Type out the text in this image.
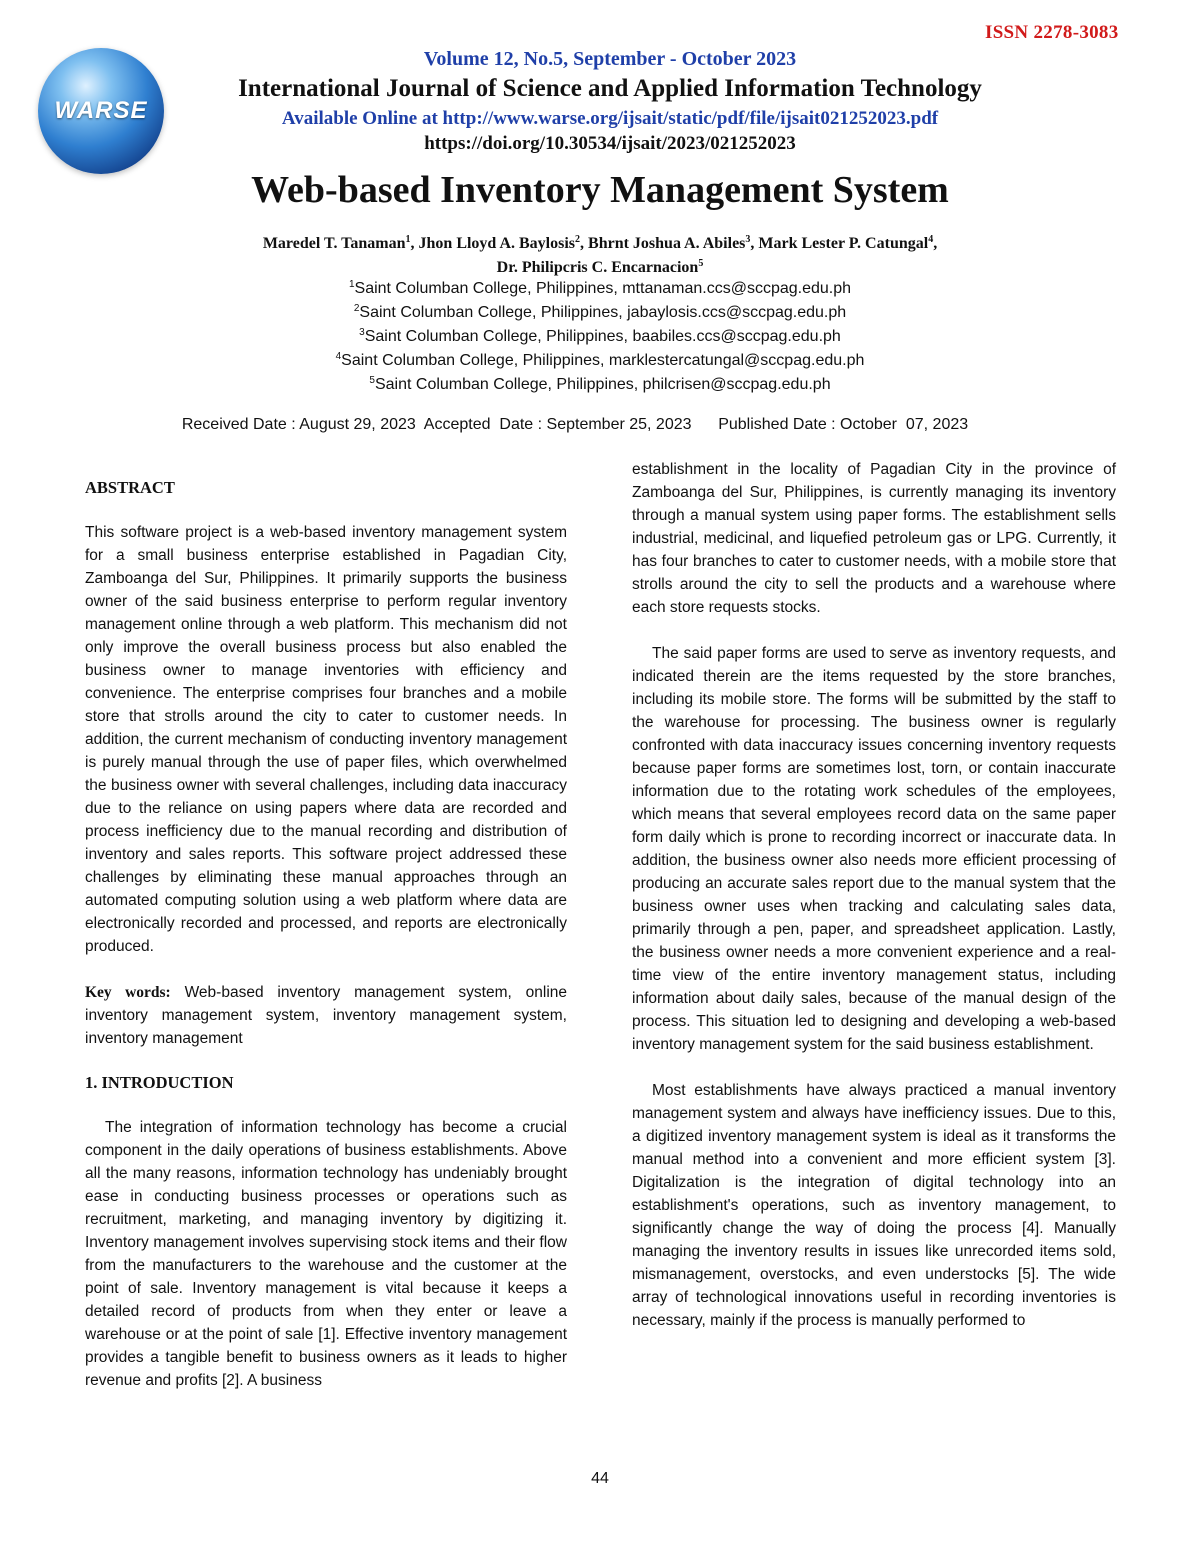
ISSN 2278-3083
WARSE
Volume 12, No.5, September - October 2023
International Journal of Science and Applied Information Technology
Available Online at http://www.warse.org/ijsait/static/pdf/file/ijsait021252023.pdf
https://doi.org/10.30534/ijsait/2023/021252023
Web-based Inventory Management System
Maredel T. Tanaman$^1$, Jhon Lloyd A. Baylosis$^2$, Bhrnt Joshua A. Abiles$^3$, Mark Lester P. Catungal$^4$,
Dr. Philipcris C. Encarnacion$^5$
$^1$Saint Columban College, Philippines, mttanaman.ccs@sccpag.edu.ph
$^2$Saint Columban College, Philippines, jabaylosis.ccs@sccpag.edu.ph
$^3$Saint Columban College, Philippines, baabiles.ccs@sccpag.edu.ph
$^4$Saint Columban College, Philippines, marklestercatungal@sccpag.edu.ph
$^5$Saint Columban College, Philippines, philcrisen@sccpag.edu.ph
Received Date : August 29, 2023 Accepted  Date : September 25, 2023 Published Date : October  07, 2023

ABSTRACT

This software project is a web-based inventory management system for a small business enterprise established in Pagadian City, Zamboanga del Sur, Philippines. It primarily supports the business owner of the said business enterprise to perform regular inventory management online through a web platform. This mechanism did not only improve the overall business process but also enabled the business owner to manage inventories with efficiency and convenience. The enterprise comprises four branches and a mobile store that strolls around the city to cater to customer needs. In addition, the current mechanism of conducting inventory management is purely manual through the use of paper files, which overwhelmed the business owner with several challenges, including data inaccuracy due to the reliance on using papers where data are recorded and process inefficiency due to the manual recording and distribution of inventory and sales reports. This software project addressed these challenges by eliminating these manual approaches through an automated computing solution using a web platform where data are electronically recorded and processed, and reports are electronically produced.

Key words: Web-based inventory management system, online inventory management system, inventory management system, inventory management

1. INTRODUCTION

The integration of information technology has become a crucial component in the daily operations of business establishments. Above all the many reasons, information technology has undeniably brought ease in conducting business processes or operations such as recruitment, marketing, and managing inventory by digitizing it. Inventory management involves supervising stock items and their flow from the manufacturers to the warehouse and the customer at the point of sale. Inventory management is vital because it keeps a detailed record of products from when they enter or leave a warehouse or at the point of sale [1]. Effective inventory management provides a tangible benefit to business owners as it leads to higher revenue and profits [2]. A business

establishment in the locality of Pagadian City in the province of Zamboanga del Sur, Philippines, is currently managing its inventory through a manual system using paper forms. The establishment sells industrial, medicinal, and liquefied petroleum gas or LPG. Currently, it has four branches to cater to customer needs, with a mobile store that strolls around the city to sell the products and a warehouse where each store requests stocks.

The said paper forms are used to serve as inventory requests, and indicated therein are the items requested by the store branches, including its mobile store. The forms will be submitted by the staff to the warehouse for processing. The business owner is regularly confronted with data inaccuracy issues concerning inventory requests because paper forms are sometimes lost, torn, or contain inaccurate information due to the rotating work schedules of the employees, which means that several employees record data on the same paper form daily which is prone to recording incorrect or inaccurate data. In addition, the business owner also needs more efficient processing of producing an accurate sales report due to the manual system that the business owner uses when tracking and calculating sales data, primarily through a pen, paper, and spreadsheet application. Lastly, the business owner needs a more convenient experience and a real-time view of the entire inventory management status, including information about daily sales, because of the manual design of the process. This situation led to designing and developing a web-based inventory management system for the said business establishment.

Most establishments have always practiced a manual inventory management system and always have inefficiency issues. Due to this, a digitized inventory management system is ideal as it transforms the manual method into a convenient and more efficient system [3]. Digitalization is the integration of digital technology into an establishment's operations, such as inventory management, to significantly change the way of doing the process [4]. Manually managing the inventory results in issues like unrecorded items sold, mismanagement, overstocks, and even understocks [5]. The wide array of technological innovations useful in recording inventories is necessary, mainly if the process is manually performed to

44
